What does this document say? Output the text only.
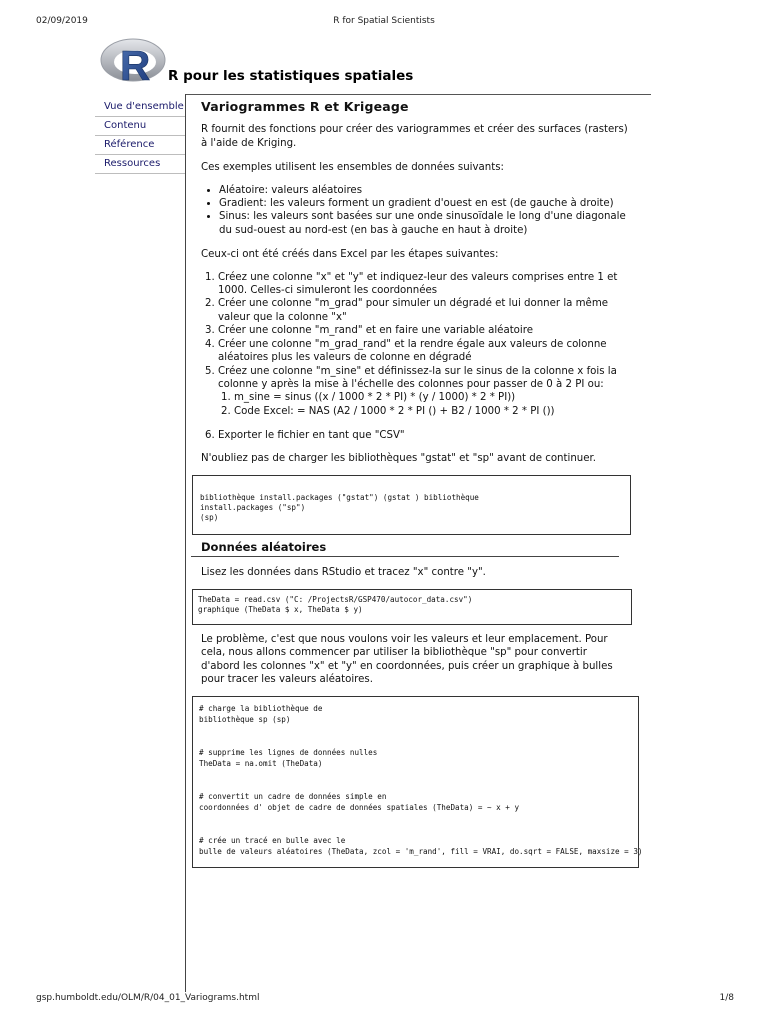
02/09/2019	R for Spatial Scientists
R R pour les statistiques spatiales
Vue d'ensemble
Contenu
Référence
Ressources
Variogrammes R et Krigeage

R fournit des fonctions pour créer des variogrammes et créer des surfaces (rasters) à l'aide de Kriging.

Ces exemples utilisent les ensembles de données suivants:

• Aléatoire: valeurs aléatoires
• Gradient: les valeurs forment un gradient d'ouest en est (de gauche à droite)
• Sinus: les valeurs sont basées sur une onde sinusoïdale le long d'une diagonale du sud-ouest au nord-est (en bas à gauche en haut à droite)

Ceux-ci ont été créés dans Excel par les étapes suivantes:

1. Créez une colonne "x" et "y" et indiquez-leur des valeurs comprises entre 1 et 1000. Celles-ci simuleront les coordonnées
2. Créer une colonne "m_grad" pour simuler un dégradé et lui donner la même valeur que la colonne "x"
3. Créer une colonne "m_rand" et en faire une variable aléatoire
4. Créer une colonne "m_grad_rand" et la rendre égale aux valeurs de colonne aléatoires plus les valeurs de colonne en dégradé
5. Créez une colonne "m_sine" et définissez-la sur le sinus de la colonne x fois la colonne y après la mise à l'échelle des colonnes pour passer de 0 à 2 PI ou:
1. m_sine = sinus ((x / 1000 * 2 * PI) * (y / 1000) * 2 * PI))
2. Code Excel: = NAS (A2 / 1000 * 2 * PI () + B2 / 1000 * 2 * PI ())
6. Exporter le fichier en tant que "CSV"

N'oubliez pas de charger les bibliothèques "gstat" et "sp" avant de continuer.

bibliothèque install.packages ("gstat") (gstat ) bibliothèque
install.packages ("sp")
(sp)
Données aléatoires

Lisez les données dans RStudio et tracez "x" contre "y".

TheData = read.csv ("C: /ProjectsR/GSP470/autocor_data.csv")
graphique (TheData $ x, TheData $ y)

Le problème, c'est que nous voulons voir les valeurs et leur emplacement. Pour cela, nous allons commencer par utiliser la bibliothèque "sp" pour convertir d'abord les colonnes "x" et "y" en coordonnées, puis créer un graphique à bulles pour tracer les valeurs aléatoires.

# charge la bibliothèque de
bibliothèque sp (sp)

# supprime les lignes de données nulles
TheData = na.omit (TheData)

# convertit un cadre de données simple en
coordonnées d' objet de cadre de données spatiales (TheData) = ~ x + y

# crée un tracé en bulle avec le
bulle de valeurs aléatoires (TheData, zcol = 'm_rand', fill = VRAI, do.sqrt = FALSE, maxsize = 3)
gsp.humboldt.edu/OLM/R/04_01_Variograms.html	1/8
